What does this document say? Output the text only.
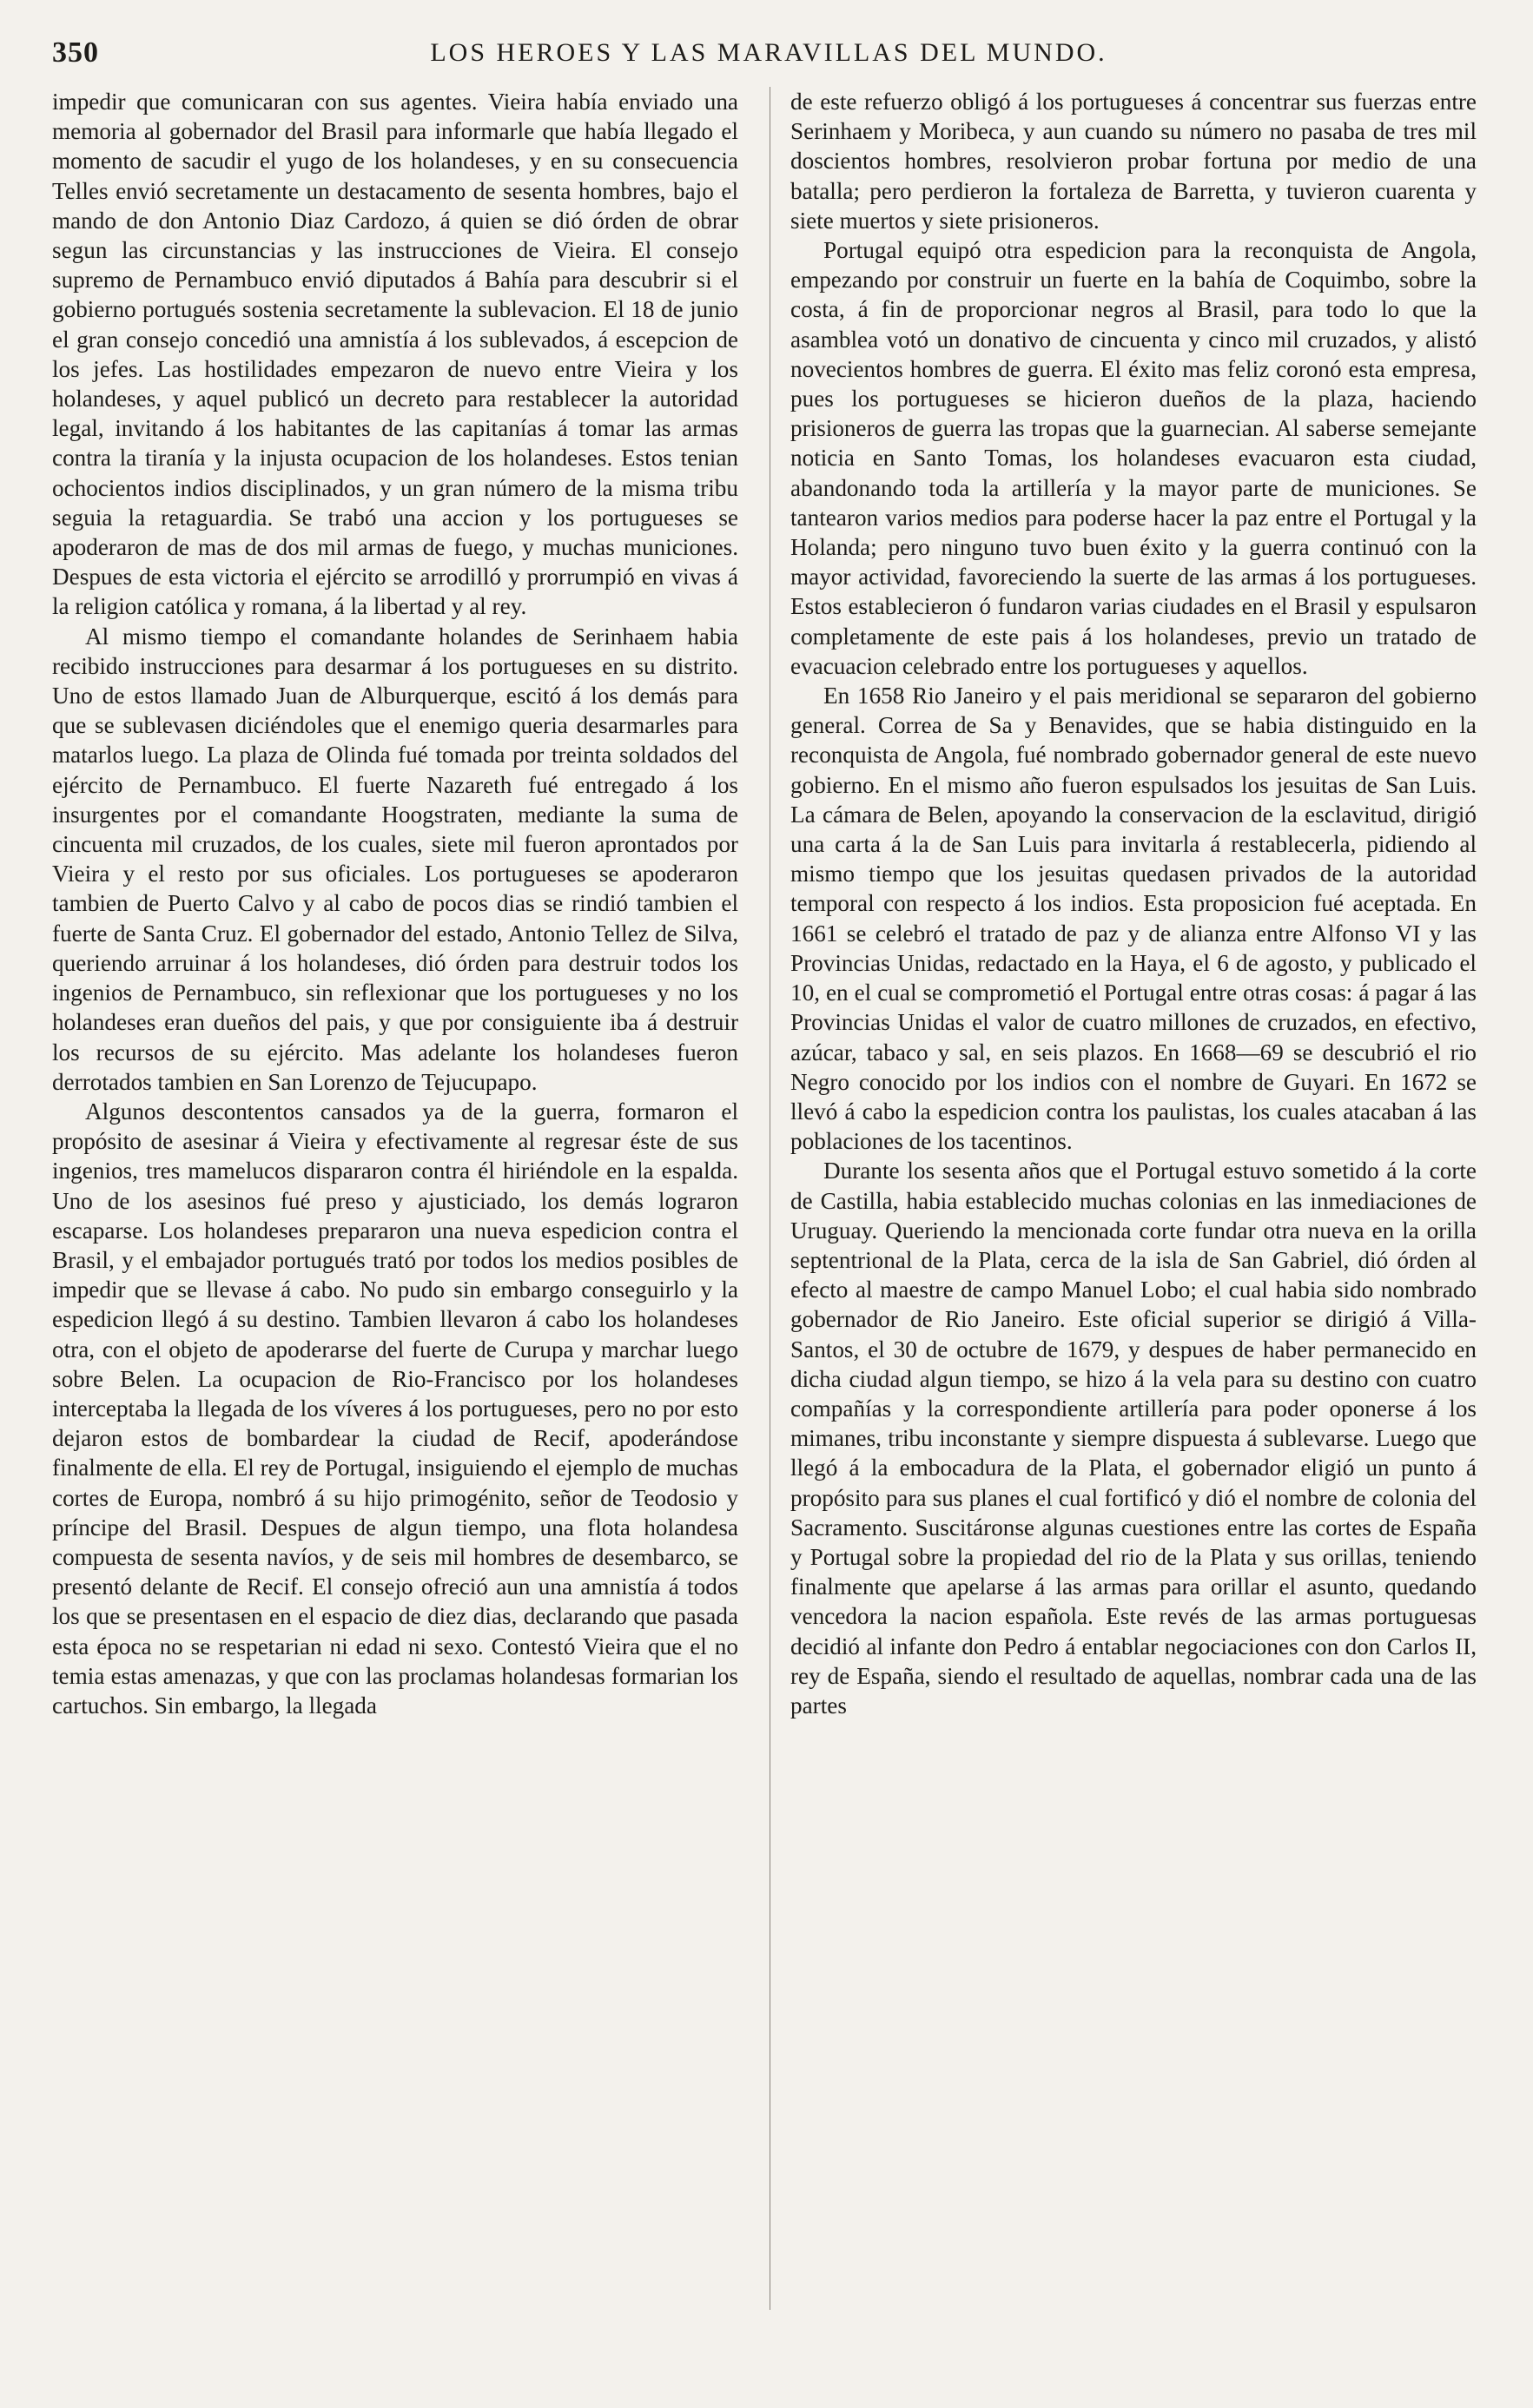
350	LOS HEROES Y LAS MARAVILLAS DEL MUNDO.

impedir que comunicaran con sus agentes. Vieira había enviado una memoria al gobernador del Brasil para informarle que había llegado el momento de sacudir el yugo de los holandeses, y en su consecuencia Telles envió secretamente un destacamento de sesenta hombres, bajo el mando de don Antonio Diaz Cardozo, á quien se dió órden de obrar segun las circunstancias y las instrucciones de Vieira. El consejo supremo de Pernambuco envió diputados á Bahía para descubrir si el gobierno portugués sostenia secretamente la sublevacion. El 18 de junio el gran consejo concedió una amnistía á los sublevados, á escepcion de los jefes. Las hostilidades empezaron de nuevo entre Vieira y los holandeses, y aquel publicó un decreto para restablecer la autoridad legal, invitando á los habitantes de las capitanías á tomar las armas contra la tiranía y la injusta ocupacion de los holandeses. Estos tenian ochocientos indios disciplinados, y un gran número de la misma tribu seguia la retaguardia. Se trabó una accion y los portugueses se apoderaron de mas de dos mil armas de fuego, y muchas municiones. Despues de esta victoria el ejército se arrodilló y prorrumpió en vivas á la religion católica y romana, á la libertad y al rey.

Al mismo tiempo el comandante holandes de Serinhaem habia recibido instrucciones para desarmar á los portugueses en su distrito. Uno de estos llamado Juan de Alburquerque, escitó á los demás para que se sublevasen diciéndoles que el enemigo queria desarmarles para matarlos luego. La plaza de Olinda fué tomada por treinta soldados del ejército de Pernambuco. El fuerte Nazareth fué entregado á los insurgentes por el comandante Hoogstraten, mediante la suma de cincuenta mil cruzados, de los cuales, siete mil fueron aprontados por Vieira y el resto por sus oficiales. Los portugueses se apoderaron tambien de Puerto Calvo y al cabo de pocos dias se rindió tambien el fuerte de Santa Cruz. El gobernador del estado, Antonio Tellez de Silva, queriendo arruinar á los holandeses, dió órden para destruir todos los ingenios de Pernambuco, sin reflexionar que los portugueses y no los holandeses eran dueños del pais, y que por consiguiente iba á destruir los recursos de su ejército. Mas adelante los holandeses fueron derrotados tambien en San Lorenzo de Tejucupapo.

Algunos descontentos cansados ya de la guerra, formaron el propósito de asesinar á Vieira y efectivamente al regresar éste de sus ingenios, tres mamelucos dispararon contra él hiriéndole en la espalda. Uno de los asesinos fué preso y ajusticiado, los demás lograron escaparse. Los holandeses prepararon una nueva espedicion contra el Brasil, y el embajador portugués trató por todos los medios posibles de impedir que se llevase á cabo. No pudo sin embargo conseguirlo y la espedicion llegó á su destino. Tambien llevaron á cabo los holandeses otra, con el objeto de apoderarse del fuerte de Curupa y marchar luego sobre Belen. La ocupacion de Rio-Francisco por los holandeses interceptaba la llegada de los víveres á los portugueses, pero no por esto dejaron estos de bombardear la ciudad de Recif, apoderándose finalmente de ella. El rey de Portugal, insiguiendo el ejemplo de muchas cortes de Europa, nombró á su hijo primogénito, señor de Teodosio y príncipe del Brasil. Despues de algun tiempo, una flota holandesa compuesta de sesenta navíos, y de seis mil hombres de desembarco, se presentó delante de Recif. El consejo ofreció aun una amnistía á todos los que se presentasen en el espacio de diez dias, declarando que pasada esta época no se respetarian ni edad ni sexo. Contestó Vieira que el no temia estas amenazas, y que con las proclamas holandesas formarian los cartuchos. Sin embargo, la llegada

de este refuerzo obligó á los portugueses á concentrar sus fuerzas entre Serinhaem y Moribeca, y aun cuando su número no pasaba de tres mil doscientos hombres, resolvieron probar fortuna por medio de una batalla; pero perdieron la fortaleza de Barretta, y tuvieron cuarenta y siete muertos y siete prisioneros.

Portugal equipó otra espedicion para la reconquista de Angola, empezando por construir un fuerte en la bahía de Coquimbo, sobre la costa, á fin de proporcionar negros al Brasil, para todo lo que la asamblea votó un donativo de cincuenta y cinco mil cruzados, y alistó novecientos hombres de guerra. El éxito mas feliz coronó esta empresa, pues los portugueses se hicieron dueños de la plaza, haciendo prisioneros de guerra las tropas que la guarnecian. Al saberse semejante noticia en Santo Tomas, los holandeses evacuaron esta ciudad, abandonando toda la artillería y la mayor parte de municiones. Se tantearon varios medios para poderse hacer la paz entre el Portugal y la Holanda; pero ninguno tuvo buen éxito y la guerra continuó con la mayor actividad, favoreciendo la suerte de las armas á los portugueses. Estos establecieron ó fundaron varias ciudades en el Brasil y espulsaron completamente de este pais á los holandeses, previo un tratado de evacuacion celebrado entre los portugueses y aquellos.

En 1658 Rio Janeiro y el pais meridional se separaron del gobierno general. Correa de Sa y Benavides, que se habia distinguido en la reconquista de Angola, fué nombrado gobernador general de este nuevo gobierno. En el mismo año fueron espulsados los jesuitas de San Luis. La cámara de Belen, apoyando la conservacion de la esclavitud, dirigió una carta á la de San Luis para invitarla á restablecerla, pidiendo al mismo tiempo que los jesuitas quedasen privados de la autoridad temporal con respecto á los indios. Esta proposicion fué aceptada. En 1661 se celebró el tratado de paz y de alianza entre Alfonso VI y las Provincias Unidas, redactado en la Haya, el 6 de agosto, y publicado el 10, en el cual se comprometió el Portugal entre otras cosas: á pagar á las Provincias Unidas el valor de cuatro millones de cruzados, en efectivo, azúcar, tabaco y sal, en seis plazos. En 1668—69 se descubrió el rio Negro conocido por los indios con el nombre de Guyari. En 1672 se llevó á cabo la espedicion contra los paulistas, los cuales atacaban á las poblaciones de los tacentinos.

Durante los sesenta años que el Portugal estuvo sometido á la corte de Castilla, habia establecido muchas colonias en las inmediaciones de Uruguay. Queriendo la mencionada corte fundar otra nueva en la orilla septentrional de la Plata, cerca de la isla de San Gabriel, dió órden al efecto al maestre de campo Manuel Lobo; el cual habia sido nombrado gobernador de Rio Janeiro. Este oficial superior se dirigió á Villa-Santos, el 30 de octubre de 1679, y despues de haber permanecido en dicha ciudad algun tiempo, se hizo á la vela para su destino con cuatro compañías y la correspondiente artillería para poder oponerse á los mimanes, tribu inconstante y siempre dispuesta á sublevarse. Luego que llegó á la embocadura de la Plata, el gobernador eligió un punto á propósito para sus planes el cual fortificó y dió el nombre de colonia del Sacramento. Suscitáronse algunas cuestiones entre las cortes de España y Portugal sobre la propiedad del rio de la Plata y sus orillas, teniendo finalmente que apelarse á las armas para orillar el asunto, quedando vencedora la nacion española. Este revés de las armas portuguesas decidió al infante don Pedro á entablar negociaciones con don Carlos II, rey de España, siendo el resultado de aquellas, nombrar cada una de las partes
